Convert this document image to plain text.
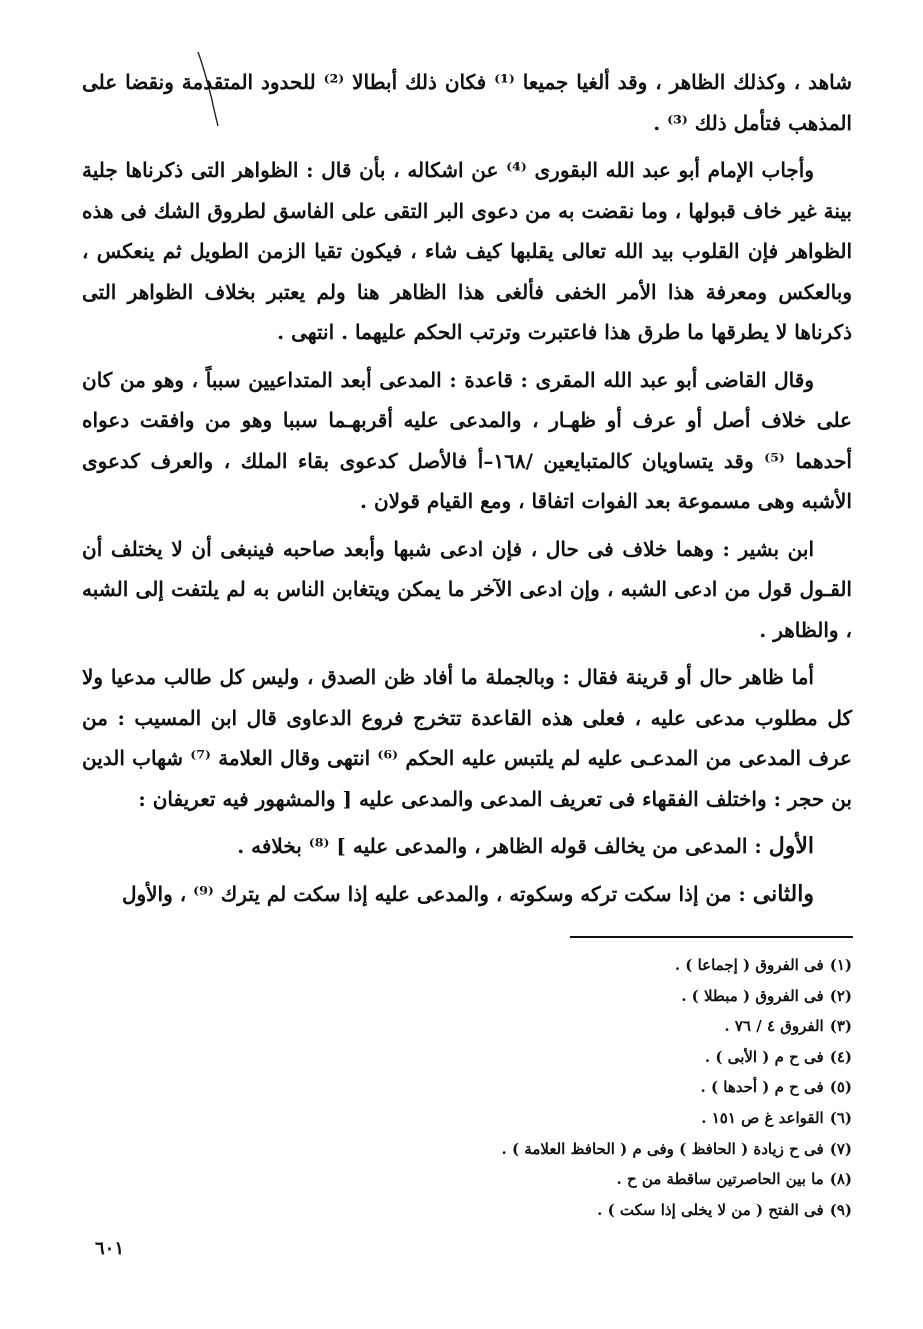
شاهد ، وكذلك الظاهر ، وقد ألغيا جميعا ⁽¹⁾ فكان ذلك أبطالا ⁽²⁾ للحدود المتقدمة ونقضا على المذهب فتأمل ذلك ⁽³⁾ .

وأجاب الإمام أبو عبد الله البقورى ⁽⁴⁾ عن اشكاله ، بأن قال : الظواهر التى ذكرناها جلية بينة غير خاف قبولها ، وما نقضت به من دعوى البر التقى على الفاسق لطروق الشك فى هذه الظواهر فإن القلوب بيد الله تعالى يقلبها كيف شاء ، فيكون تقيا الزمن الطويل ثم ينعكس ، وبالعكس ومعرفة هذا الأمر الخفى فألغى هذا الظاهر هنا ولم يعتبر بخلاف الظواهر التى ذكرناها لا يطرقها ما طرق هذا فاعتبرت وترتب الحكم عليهما . انتهى .

وقال القاضى أبو عبد الله المقرى : قاعدة : المدعى أبعد المتداعيين سبباً ، وهو من كان على خلاف أصل أو عرف أو ظهـار ، والمدعى عليه أقربهـما سببا وهو من وافقت دعواه أحدهما ⁽⁵⁾ وقد يتساويان كالمتبايعين /١٦٨–أ فالأصل كدعوى بقاء الملك ، والعرف كدعوى الأشبه وهى مسموعة بعد الفوات اتفاقا ، ومع القيام قولان .

ابن بشير : وهما خلاف فى حال ، فإن ادعى شبها وأبعد صاحبه فينبغى أن لا يختلف أن القـول قول من ادعى الشبه ، وإن ادعى الآخر ما يمكن ويتغابن الناس به لم يلتفت إلى الشبه ، والظاهر .

أما ظاهر حال أو قرينة فقال : وبالجملة ما أفاد ظن الصدق ، وليس كل طالب مدعيا ولا كل مطلوب مدعى عليه ، فعلى هذه القاعدة تتخرج فروع الدعاوى قال ابن المسيب : من عرف المدعى من المدعـى عليه لم يلتبس عليه الحكم ⁽⁶⁾ انتهى وقال العلامة ⁽⁷⁾ شهاب الدين بن حجر : واختلف الفقهاء فى تعريف المدعى والمدعى عليه [ والمشهور فيه تعريفان :

الأول : المدعى من يخالف قوله الظاهر ، والمدعى عليه ] ⁽⁸⁾ بخلافه .

والثانى : من إذا سكت تركه وسكوته ، والمدعى عليه إذا سكت لم يترك ⁽⁹⁾ ، والأول

(١)فى الفروق ( إجماعا ) .
(٢)فى الفروق ( مبطلا ) .
(٣)الفروق ٤ / ٧٦ .
(٤)فى ح م ( الأبى ) .
(٥)فى ح م ( أحدها ) .
(٦)القواعد غ ص ١٥١ .
(٧)فى ح زيادة ( الحافظ ) وفى م ( الحافظ العلامة ) .
(٨)ما بين الحاصرتين ساقطة من ح .
(٩)فى الفتح ( من لا يخلى إذا سكت ) .
٦٠١
